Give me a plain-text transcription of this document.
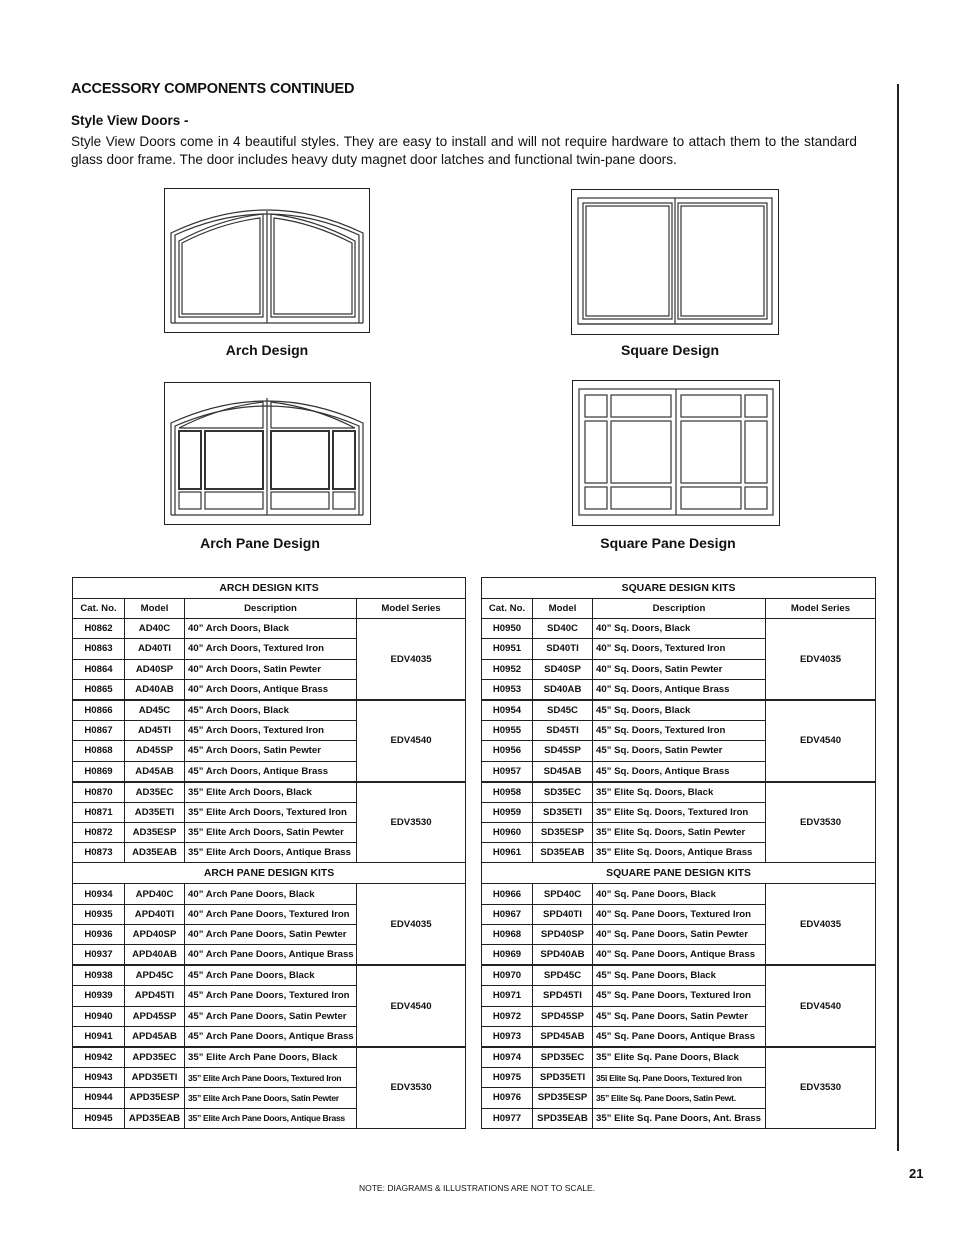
ACCESSORY COMPONENTS CONTINUED
Style View Doors -
Style View Doors come in 4 beautiful styles. They are easy to install and will not require hardware to attach them to the standard glass door frame. The door includes heavy duty magnet door latches and functional twin-pane doors.
Arch Design	Square Design
Arch Pane Design	Square Pane Design
ARCH DESIGN KITS			
Cat. No.	Model	Description	Model Series
H0862	AD40C	40” Arch Doors, Black	EDV4035
H0863	AD40TI	40” Arch Doors, Textured Iron	
H0864	AD40SP	40” Arch Doors, Satin Pewter	
H0865	AD40AB	40” Arch Doors, Antique Brass	
H0866	AD45C	45” Arch Doors, Black	EDV4540
H0867	AD45TI	45” Arch Doors, Textured Iron	
H0868	AD45SP	45” Arch Doors, Satin Pewter	
H0869	AD45AB	45” Arch Doors, Antique Brass	
H0870	AD35EC	35” Elite Arch Doors, Black	EDV3530
H0871	AD35ETI	35” Elite Arch Doors, Textured Iron	
H0872	AD35ESP	35” Elite Arch Doors, Satin Pewter	
H0873	AD35EAB	35” Elite Arch Doors, Antique Brass	
ARCH PANE DESIGN KITS			
H0934	APD40C	40” Arch Pane Doors, Black	EDV4035
H0935	APD40TI	40” Arch Pane Doors, Textured Iron	
H0936	APD40SP	40” Arch Pane Doors, Satin Pewter	
H0937	APD40AB	40” Arch Pane Doors, Antique Brass	
H0938	APD45C	45” Arch Pane Doors, Black	EDV4540
H0939	APD45TI	45” Arch Pane Doors, Textured Iron	
H0940	APD45SP	45” Arch Pane Doors, Satin Pewter	
H0941	APD45AB	45” Arch Pane Doors, Antique Brass	
H0942	APD35EC	35” Elite Arch Pane Doors, Black	EDV3530
H0943	APD35ETI	35” Elite Arch Pane Doors, Textured Iron	
H0944	APD35ESP	35” Elite Arch Pane Doors, Satin Pewter	
H0945	APD35EAB	35” Elite Arch Pane Doors, Antique Brass	
SQUARE DESIGN KITS			
Cat. No.	Model	Description	Model Series
H0950	SD40C	40” Sq. Doors, Black	EDV4035
H0951	SD40TI	40” Sq. Doors, Textured Iron	
H0952	SD40SP	40” Sq. Doors, Satin Pewter	
H0953	SD40AB	40” Sq. Doors, Antique Brass	
H0954	SD45C	45” Sq. Doors, Black	EDV4540
H0955	SD45TI	45” Sq. Doors, Textured Iron	
H0956	SD45SP	45” Sq. Doors, Satin Pewter	
H0957	SD45AB	45” Sq. Doors, Antique Brass	
H0958	SD35EC	35” Elite Sq. Doors, Black	EDV3530
H0959	SD35ETI	35” Elite Sq. Doors, Textured Iron	
H0960	SD35ESP	35” Elite Sq. Doors, Satin Pewter	
H0961	SD35EAB	35” Elite Sq. Doors, Antique Brass	
SQUARE PANE DESIGN KITS			
H0966	SPD40C	40” Sq. Pane Doors, Black	EDV4035
H0967	SPD40TI	40” Sq. Pane Doors, Textured Iron	
H0968	SPD40SP	40” Sq. Pane Doors, Satin Pewter	
H0969	SPD40AB	40” Sq. Pane Doors, Antique Brass	
H0970	SPD45C	45” Sq. Pane Doors, Black	EDV4540
H0971	SPD45TI	45” Sq. Pane Doors, Textured Iron	
H0972	SPD45SP	45” Sq. Pane Doors, Satin Pewter	
H0973	SPD45AB	45” Sq. Pane Doors, Antique Brass	
H0974	SPD35EC	35” Elite Sq. Pane Doors, Black	EDV3530
H0975	SPD35ETI	35î Elite Sq. Pane Doors, Textured Iron	
H0976	SPD35ESP	35” Elite Sq. Pane Doors, Satin Pewt.	
H0977	SPD35EAB	35” Elite Sq. Pane Doors, Ant. Brass	
21
NOTE: DIAGRAMS & ILLUSTRATIONS ARE NOT TO SCALE.
